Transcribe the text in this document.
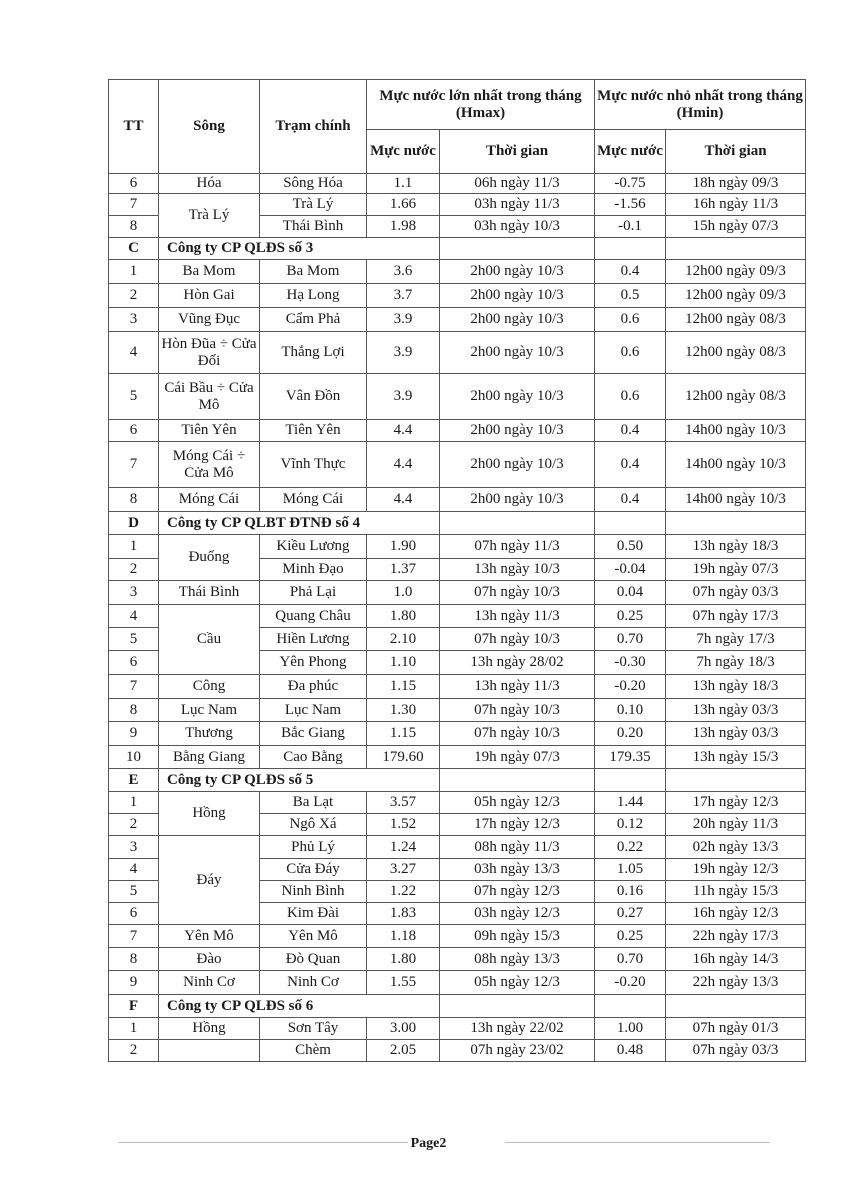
TT	Sông	Trạm chính	Mực nước lớn nhất trong tháng (Hmax)		Mực nước nhỏ nhất trong tháng (Hmin)		
			Mực nước	Thời gian	Mực nước	Thời gian	
6	Hóa	Sông Hóa	1.1	06h ngày 11/3	-0.75	18h ngày 09/3	
7	Trà Lý	Trà Lý	1.66	03h ngày 11/3	-1.56	16h ngày 11/3	
8		Thái Bình	1.98	03h ngày 10/3	-0.1	15h ngày 07/3	
C	Công ty CP QLĐS số 3						
1	Ba Mom	Ba Mom	3.6	2h00 ngày 10/3	0.4	12h00 ngày 09/3	
2	Hòn Gai	Hạ Long	3.7	2h00 ngày 10/3	0.5	12h00 ngày 09/3	
3	Vũng Đục	Cẩm Phả	3.9	2h00 ngày 10/3	0.6	12h00 ngày 08/3	
4	Hòn Đũa ÷ Cửa Đối	Thắng Lợi	3.9	2h00 ngày 10/3	0.6	12h00 ngày 08/3	
5	Cái Bầu ÷ Cửa Mô	Vân Đồn	3.9	2h00 ngày 10/3	0.6	12h00 ngày 08/3	
6	Tiên Yên	Tiên Yên	4.4	2h00 ngày 10/3	0.4	14h00 ngày 10/3	
7	Móng Cái ÷ Cửa Mô	Vĩnh Thực	4.4	2h00 ngày 10/3	0.4	14h00 ngày 10/3	
8	Móng Cái	Móng Cái	4.4	2h00 ngày 10/3	0.4	14h00 ngày 10/3	
D	Công ty CP QLBT ĐTNĐ số 4						
1	Đuống	Kiều Lương	1.90	07h ngày 11/3	0.50	13h ngày 18/3	
2		Minh Đạo	1.37	13h ngày 10/3	-0.04	19h ngày 07/3	
3	Thái Bình	Phả Lại	1.0	07h ngày 10/3	0.04	07h ngày 03/3	
4	Cầu	Quang Châu	1.80	13h ngày 11/3	0.25	07h ngày 17/3	
5		Hiền Lương	2.10	07h ngày 10/3	0.70	7h ngày 17/3	
6		Yên Phong	1.10	13h ngày 28/02	-0.30	7h ngày 18/3	
7	Công	Đa phúc	1.15	13h ngày 11/3	-0.20	13h ngày 18/3	
8	Lục Nam	Lục Nam	1.30	07h ngày 10/3	0.10	13h ngày 03/3	
9	Thương	Bắc Giang	1.15	07h ngày 10/3	0.20	13h ngày 03/3	
10	Bằng Giang	Cao Bằng	179.60	19h ngày 07/3	179.35	13h ngày 15/3	
E	Công ty CP QLĐS số 5						
1	Hồng	Ba Lạt	3.57	05h ngày 12/3	1.44	17h ngày 12/3	
2		Ngô Xá	1.52	17h ngày 12/3	0.12	20h ngày 11/3	
3	Đáy	Phủ Lý	1.24	08h ngày 11/3	0.22	02h ngày 13/3	
4		Cửa Đáy	3.27	03h ngày 13/3	1.05	19h ngày 12/3	
5		Ninh Bình	1.22	07h ngày 12/3	0.16	11h ngày 15/3	
6		Kim Đài	1.83	03h ngày 12/3	0.27	16h ngày 12/3	
7	Yên Mô	Yên Mô	1.18	09h ngày 15/3	0.25	22h ngày 17/3	
8	Đào	Đò Quan	1.80	08h ngày 13/3	0.70	16h ngày 14/3	
9	Ninh Cơ	Ninh Cơ	1.55	05h ngày 12/3	-0.20	22h ngày 13/3	
F	Công ty CP QLĐS số 6						
1	Hồng	Sơn Tây	3.00	13h ngày 22/02	1.00	07h ngày 01/3	
2		Chèm	2.05	07h ngày 23/02	0.48	07h ngày 03/3	
Page2
